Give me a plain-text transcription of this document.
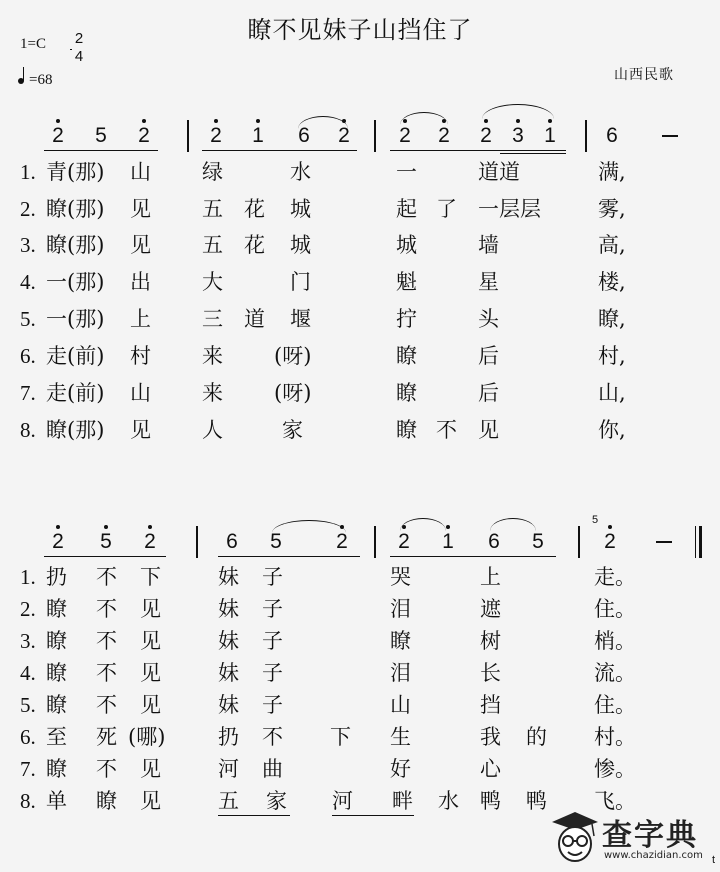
瞭不见妹子山挡住了
1=C	2
4
=68	山西民歌
2 5 2	2 1 6 2 2 2 2 3 1 6
1. 青(那) 山 绿	水	一	道道	满,
2. 瞭(那) 见 五 花 城	起 了 一层层	雾,
3. 瞭(那) 见 五 花 城	城	墙	高,
4. 一(那) 出 大	门	魁	星	楼,
5. 一(那) 上 三 道 堰	拧	头	瞭,
6. 走(前) 村 来 (呀)	瞭	后	村,
7. 走(前) 山 来 (呀)	瞭	后	山,
8. 瞭(那) 见 人	家	瞭 不 见	你,
2 5 2	6 5	2 2 1 6 5
5
2
1. 扔 不 下	妹 子	哭	上	走。
2. 瞭 不 见	妹 子	泪	遮	住。
3. 瞭 不 见	妹 子	瞭	树	梢。
4. 瞭 不 见	妹 子	泪	长	流。
5. 瞭 不 见	妹 子	山	挡	住。
6. 至 死 (哪)	扔 不 下 生	我 的 村。
7. 瞭 不 见	河 曲	好	心	惨。
8. 单 瞭 见	五 家 河 畔 水 鸭 鸭 飞。
查字典
www.chazidian.com t
